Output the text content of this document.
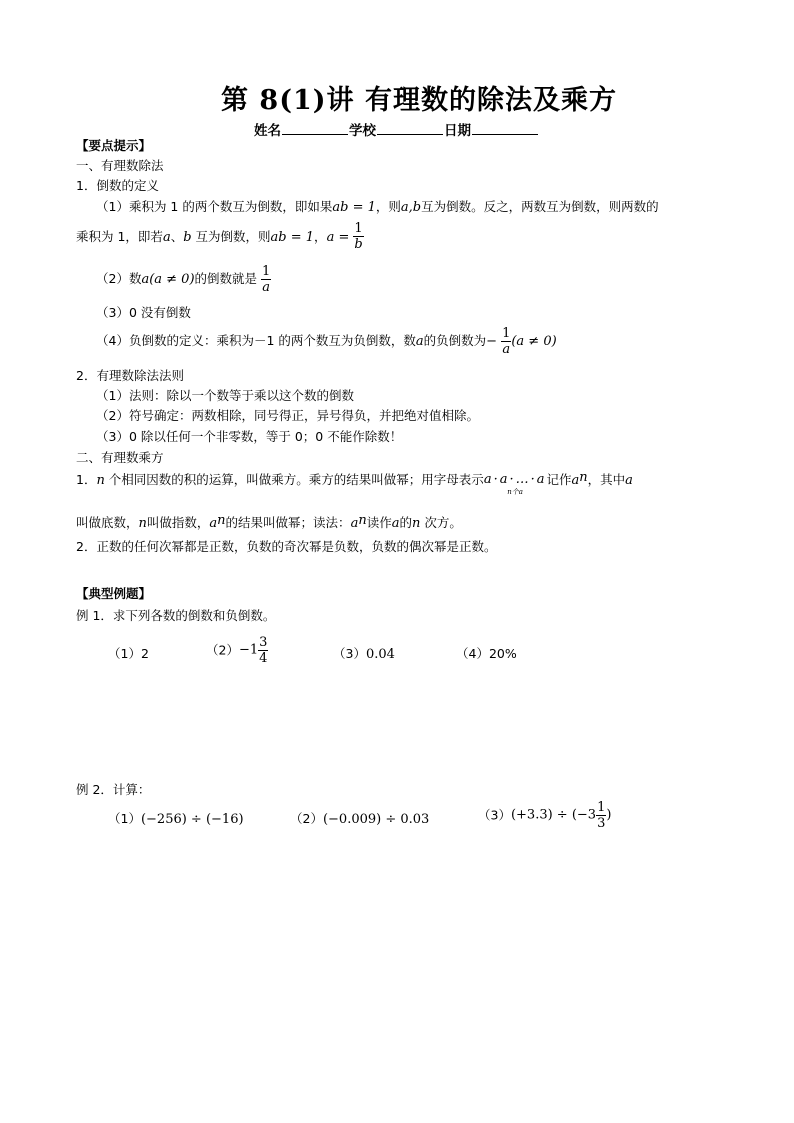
第 8(1)讲 有理数的除法及乘方
姓名	学校	日期
【要点提示】
一、有理数除法
1．倒数的定义
（1）乘积为 1 的两个数互为倒数，即如果ab = 1，则a,b互为倒数。反之，两数互为倒数，则两数的
乘积为 1，即若a、b 互为倒数，则ab = 1，$a = \frac{1}{b}$
（2）数a(a ≠ 0)的倒数就是 $\frac{1}{a}$
（3）0 没有倒数
（4）负倒数的定义：乘积为－1 的两个数互为负倒数，数a的负倒数为− $\frac{1}{a} (a \ne 0)$
2．有理数除法法则
（1）法则：除以一个数等于乘以这个数的倒数
（2）符号确定：两数相除，同号得正，异号得负，并把绝对值相除。
（3）0 除以任何一个非零数，等于 0；0 不能作除数！
二、有理数乘方
1．n 个相同因数的积的运算，叫做乘方。乘方的结果叫做幂；用字母表示 a·a·…·a
n个a
记作$a^n$，其中a
叫做底数，n叫做指数，$a^n$的结果叫做幂；读法：$a^n$读作a的n 次方。
2．正数的任何次幂都是正数，负数的奇次幂是负数，负数的偶次幂是正数。
【典型例题】
例 1．求下列各数的倒数和负倒数。
（1）2	$(2)-1 \frac{3}{4}$	（3）0.04	（4）20%
例 2．计算：
（1）(−256) ÷ (−16)	（2）(−0.009) ÷ 0.03	$(3)(+3.3) \div (-3 \frac{1}{3}$ )
